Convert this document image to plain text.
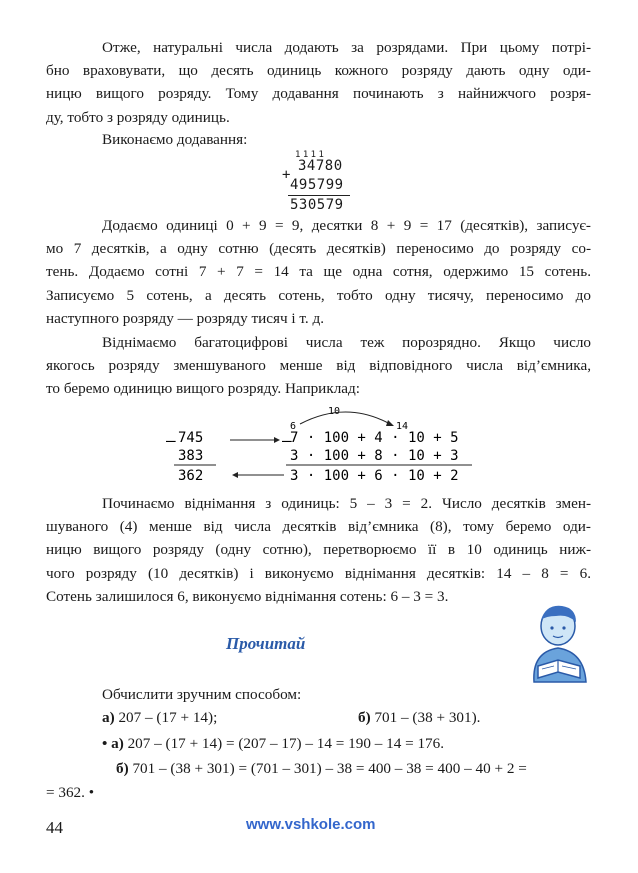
Отже, натуральні числа додають за розрядами. При цьому потрі-
бно враховувати, що десять одиниць кожного розряду дають одну оди-
ницю вищого розряду. Тому додавання починають з найнижчого розря-
ду, тобто з розряду одиниць.
Виконаємо додавання:
1111
+
34780
495799
530579
Додаємо одиниці 0 + 9 = 9, десятки 8 + 9 = 17 (десятків), записує-
мо 7 десятків, а одну сотню (десять десятків) переносимо до розряду со-
тень. Додаємо сотні 7 + 7 = 14 та ще одна сотня, одержимо 15 сотень.
Записуємо 5 сотень, а десять сотень, тобто одну тисячу, переносимо до
наступного розряду — розряду тисяч і т. д.
Віднімаємо багатоцифрові числа теж порозрядно. Якщо число
якогось розряду зменшуваного менше від відповідного числа від’ємника,
то беремо одиницю вищого розряду. Наприклад:
– 745
383
362
–
7 · 100 + 4 · 10 + 5
3 · 100 + 8 · 10 + 3
3 · 100 + 6 · 10 + 2
10
6	14
Починаємо віднімання з одиниць: 5 – 3 = 2. Число десятків змен-
шуваного (4) менше від числа десятків від’ємника (8), тому беремо оди-
ницю вищого розряду (одну сотню), перетворюємо її в 10 одиниць ниж-
чого розряду (10 десятків) і виконуємо віднімання десятків: 14 – 8 = 6.
Сотень залишилося 6, виконуємо віднімання сотень: 6 – 3 = 3.
Прочитай
Обчислити зручним способом:
а) 207 – (17 + 14);	б) 701 – (38 + 301).
• а) 207 – (17 + 14) = (207 – 17) – 14 = 190 – 14 = 176.
б) 701 – (38 + 301) = (701 – 301) – 38 = 400 – 38 = 400 – 40 + 2 =
= 362. •
44	www.vshkole.com
